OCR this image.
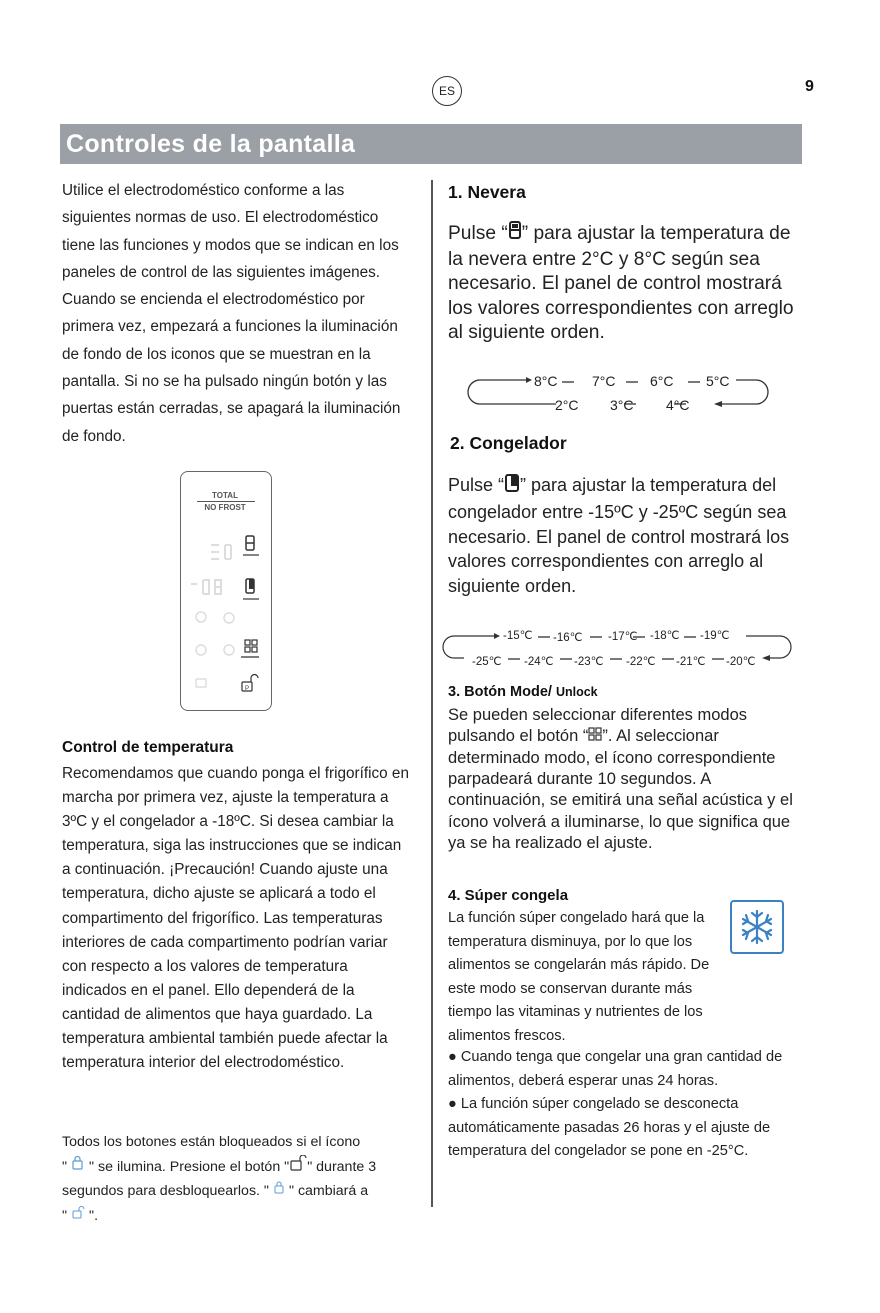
ES	9
Controles de la pantalla

Utilice el electrodoméstico conforme a las siguientes normas de uso. El electrodoméstico tiene las funciones y modos que se indican en los paneles de control de las siguientes imágenes. Cuando se encienda el electrodoméstico por primera vez, empezará a funciones la iluminación de fondo de los iconos que se muestran en la pantalla. Si no se ha pulsado ningún botón y las puertas están cerradas, se apagará la iluminación de fondo.

TOTAL
NO FROST
P
Control de temperatura

Recomendamos que cuando ponga el frigorífico en marcha por primera vez, ajuste la temperatura a 3ºC y el congelador a -18ºC. Si desea cambiar la temperatura, siga las instrucciones que se indican a continuación. ¡Precaución! Cuando ajuste una temperatura, dicho ajuste se aplicará a todo el compartimento del frigorífico. Las temperaturas interiores de cada compartimento podrían variar con respecto a los valores de temperatura indicados en el panel. Ello dependerá de la cantidad de alimentos que haya guardado. La temperatura ambiental también puede afectar la temperatura interior del electrodoméstico.

Todos los botones están bloqueados si el ícono
" " se ilumina. Presione el botón " " durante 3 segundos para desbloquearlos. " " cambiará a
" ".

1. Nevera

Pulse “ ” para ajustar la temperatura de la nevera entre 2°C y 8°C según sea necesario. El panel de control mostrará los valores correspondientes con arreglo al siguiente orden.

8°C 7°C 6°C 5°C
2°C 3°C 4°C
2. Congelador

Pulse “ ” para ajustar la temperatura del congelador entre -15ºC y -25ºC según sea necesario. El panel de control mostrará los valores correspondientes con arreglo al siguiente orden.

-15℃ -16℃ -17℃ -18℃ -19℃
-25℃ -24℃ -23℃ -22℃ -21℃ -20℃
3. Botón Mode/ Unlock

Se pueden seleccionar diferentes modos pulsando el botón “ ”. Al seleccionar determinado modo, el ícono correspondiente parpadeará durante 10 segundos. A continuación, se emitirá una señal acústica y el ícono volverá a iluminarse, lo que significa que ya se ha realizado el ajuste.

4. Súper congela

La función súper congelado hará que la temperatura disminuya, por lo que los alimentos se congelarán más rápido. De este modo se conservan durante más tiempo las vitaminas y nutrientes de los alimentos frescos.

● Cuando tenga que congelar una gran cantidad de alimentos, deberá esperar unas 24 horas.

● La función súper congelado se desconecta automáticamente pasadas 26 horas y el ajuste de temperatura del congelador se pone en -25°C.
